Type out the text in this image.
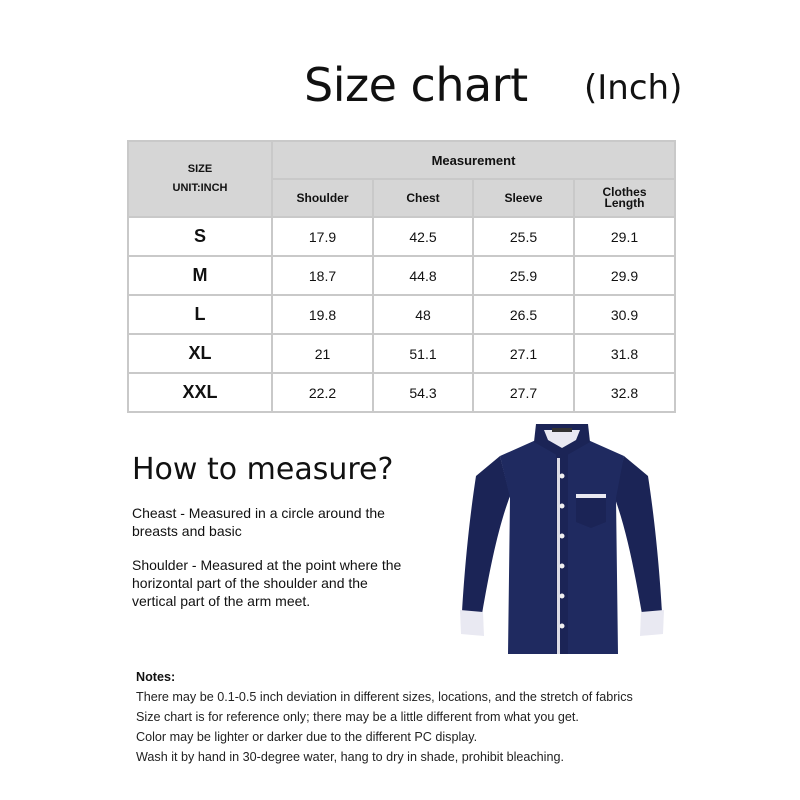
Size chart (Inch)
SIZE
UNIT:INCH	Measurement			
	Shoulder	Chest	Sleeve	Clothes Length
S	17.9	42.5	25.5	29.1
M	18.7	44.8	25.9	29.9
L	19.8	48	26.5	30.9
XL	21	51.1	27.1	31.8
XXL	22.2	54.3	27.7	32.8
How to measure?
Cheast - Measured in a circle around the breasts and basic
Shoulder - Measured at the point where the horizontal part of the shoulder and the vertical part of the arm meet.
Notes:
There may be 0.1-0.5 inch deviation in different sizes, locations, and the stretch of fabrics
Size chart is for reference only; there may be a little different from what you get.
Color may be lighter or darker due to the different PC display.
Wash it by hand in 30-degree water, hang to dry in shade, prohibit bleaching.
